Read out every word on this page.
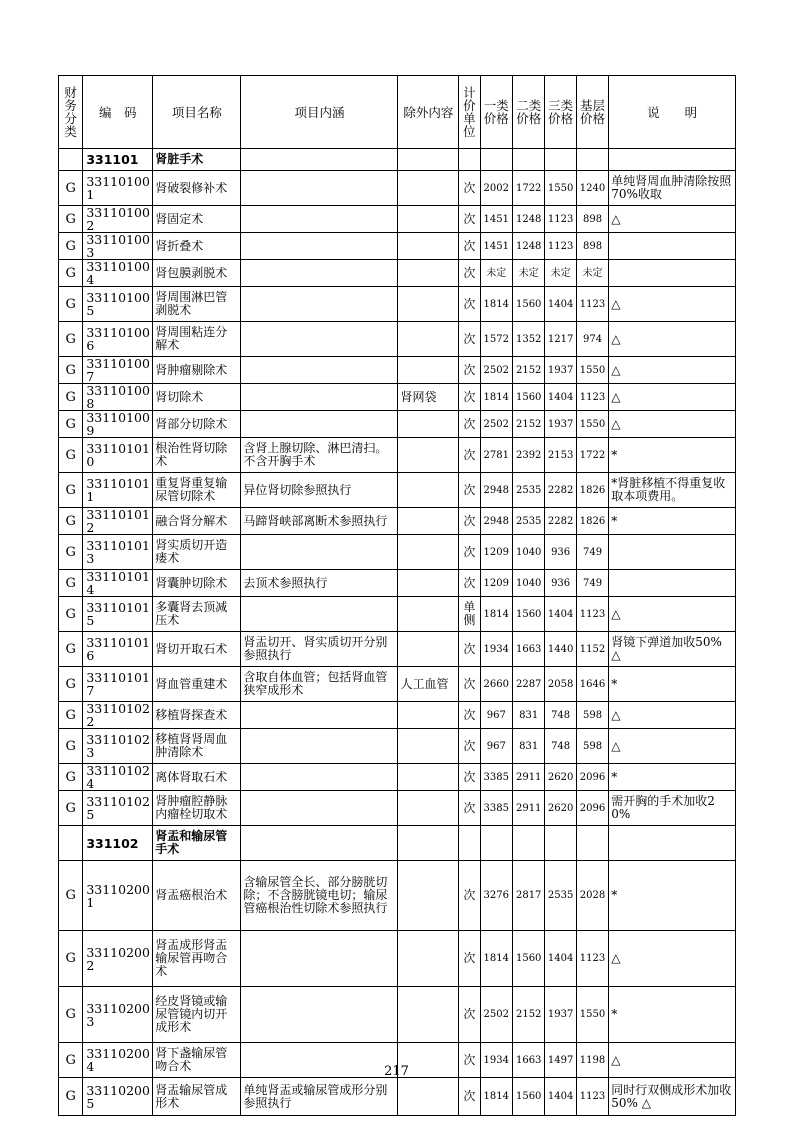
财务分类	编　码	项目名称	项目内涵	除外内容	计价单位	一类价格	二类价格	三类价格	基层价格	说　　明
	331101	肾脏手术								
G	331101001	肾破裂修补术			次	2002	1722	1550	1240	单纯肾周血肿清除按照70%收取
G	331101002	肾固定术			次	1451	1248	1123	898	△
G	331101003	肾折叠术			次	1451	1248	1123	898	
G	331101004	肾包膜剥脱术			次	未定	未定	未定	未定	
G	331101005	肾周围淋巴管剥脱术			次	1814	1560	1404	1123	△
G	331101006	肾周围粘连分解术			次	1572	1352	1217	974	△
G	331101007	肾肿瘤剔除术			次	2502	2152	1937	1550	△
G	331101008	肾切除术		肾网袋	次	1814	1560	1404	1123	△
G	331101009	肾部分切除术			次	2502	2152	1937	1550	△
G	331101010	根治性肾切除术	含肾上腺切除、淋巴清扫。不含开胸手术		次	2781	2392	2153	1722	*
G	331101011	重复肾重复输尿管切除术	异位肾切除参照执行		次	2948	2535	2282	1826	*肾脏移植不得重复收取本项费用。
G	331101012	融合肾分解术	马蹄肾峡部离断术参照执行		次	2948	2535	2282	1826	*
G	331101013	肾实质切开造瘘术			次	1209	1040	936	749	
G	331101014	肾囊肿切除术	去顶术参照执行		次	1209	1040	936	749	
G	331101015	多囊肾去顶减压术			单侧	1814	1560	1404	1123	△
G	331101016	肾切开取石术	肾盂切开、肾实质切开分别参照执行		次	1934	1663	1440	1152	肾镜下弹道加收50% △
G	331101017	肾血管重建术	含取自体血管；包括肾血管狭窄成形术	人工血管	次	2660	2287	2058	1646	*
G	331101022	移植肾探查术			次	967	831	748	598	△
G	331101023	移植肾肾周血肿清除术			次	967	831	748	598	△
G	331101024	离体肾取石术			次	3385	2911	2620	2096	*
G	331101025	肾肿瘤腔静脉内瘤栓切取术			次	3385	2911	2620	2096	需开胸的手术加收20%
	331102	肾盂和输尿管手术								
G	331102001	肾盂癌根治术	含输尿管全长、部分膀胱切除；不含膀胱镜电切；输尿管癌根治性切除术参照执行		次	3276	2817	2535	2028	*
G	331102002	肾盂成形肾盂输尿管再吻合术			次	1814	1560	1404	1123	△
G	331102003	经皮肾镜或输尿管镜内切开成形术			次	2502	2152	1937	1550	*
G	331102004	肾下盏输尿管吻合术			次	1934	1663	1497	1198	△
G	331102005	肾盂输尿管成形术	单纯肾盂或输尿管成形分别参照执行		次	1814	1560	1404	1123	同时行双侧成形术加收50% △
217
